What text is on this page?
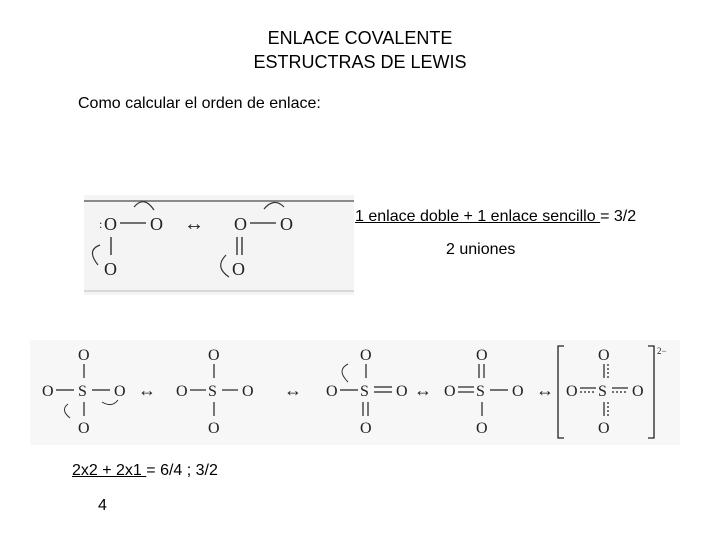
ENLACE COVALENTE
ESTRUCTRAS DE LEWIS
Como calcular el orden de enlace:
1 enlace doble + 1 enlace sencillo = 3/2
2 uniones
2x2 + 2x1 = 6/4 ; 3/2
4
O
:	O
O
↔ O O
O
O
O S O
O
↔
O
O S O
O
↔
O
O S O
O
↔
O
O S O
O
↔
2−
O
O S O
O
